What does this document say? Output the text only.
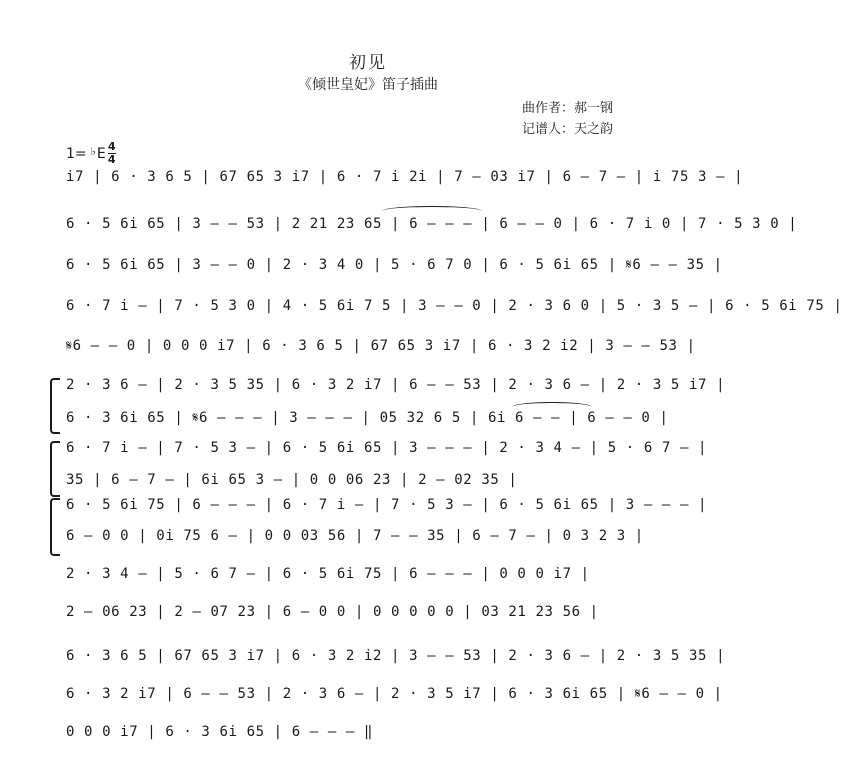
初见
《倾世皇妃》笛子插曲
曲作者：郝一钢
记谱人：天之韵
1= ♭ E 4
4
i7 | 6 · 3 6 5 | 67 65 3 i7 | 6 · 7 i 2i | 7 – 03 i7 | 6 – 7 – | i 75 3 – |
6 · 5 6i 65 | 3 – – 53 | 2 21 23 65 | 6 – – – | 6 – – 0 | 6 · 7 i 0 | 7 · 5 3 0 |
6 · 5 6i 65 | 3 – – 0 | 2 · 3 4 0 | 5 · 6 7 0 | 6 · 5 6i 65 | 𝄋6 – – 35 |
6 · 7 i – | 7 · 5 3 0 | 4 · 5 6i 7 5 | 3 – – 0 | 2 · 3 6 0 | 5 · 3 5 – | 6 · 5 6i 75 |
𝄋6 – – 0 | 0 0 0 i7 | 6 · 3 6 5 | 67 65 3 i7 | 6 · 3 2 i2 | 3 – – 53 |
2 · 3 6 – | 2 · 3 5 35 | 6 · 3 2 i7 | 6 – – 53 | 2 · 3 6 – | 2 · 3 5 i7 |
6 · 3 6i 65 | 𝄋6 – – – | 3 – – – | 05 32 6 5 | 6i 6 – – | 6 – – 0 |
6 · 7 i – | 7 · 5 3 – | 6 · 5 6i 65 | 3 – – – | 2 · 3 4 – | 5 · 6 7 – |
35 | 6 – 7 – | 6i 65 3 – | 0 0 06 23 | 2 – 02 35 |
6 · 5 6i 75 | 6 – – – | 6 · 7 i – | 7 · 5 3 – | 6 · 5 6i 65 | 3 – – – |
6 – 0 0 | 0i 75 6 – | 0 0 03 56 | 7 – – 35 | 6 – 7 – | 0 3 2 3 |
2 · 3 4 – | 5 · 6 7 – | 6 · 5 6i 75 | 6 – – – | 0 0 0 i7 |
2 – 06 23 | 2 – 07 23 | 6 – 0 0 | 0 0 0 0 0 | 03 21 23 56 |
6 · 3 6 5 | 67 65 3 i7 | 6 · 3 2 i2 | 3 – – 53 | 2 · 3 6 – | 2 · 3 5 35 |
6 · 3 2 i7 | 6 – – 53 | 2 · 3 6 – | 2 · 3 5 i7 | 6 · 3 6i 65 | 𝄋6 – – 0 |
0 0 0 i7 | 6 · 3 6i 65 | 6 – – – ‖
